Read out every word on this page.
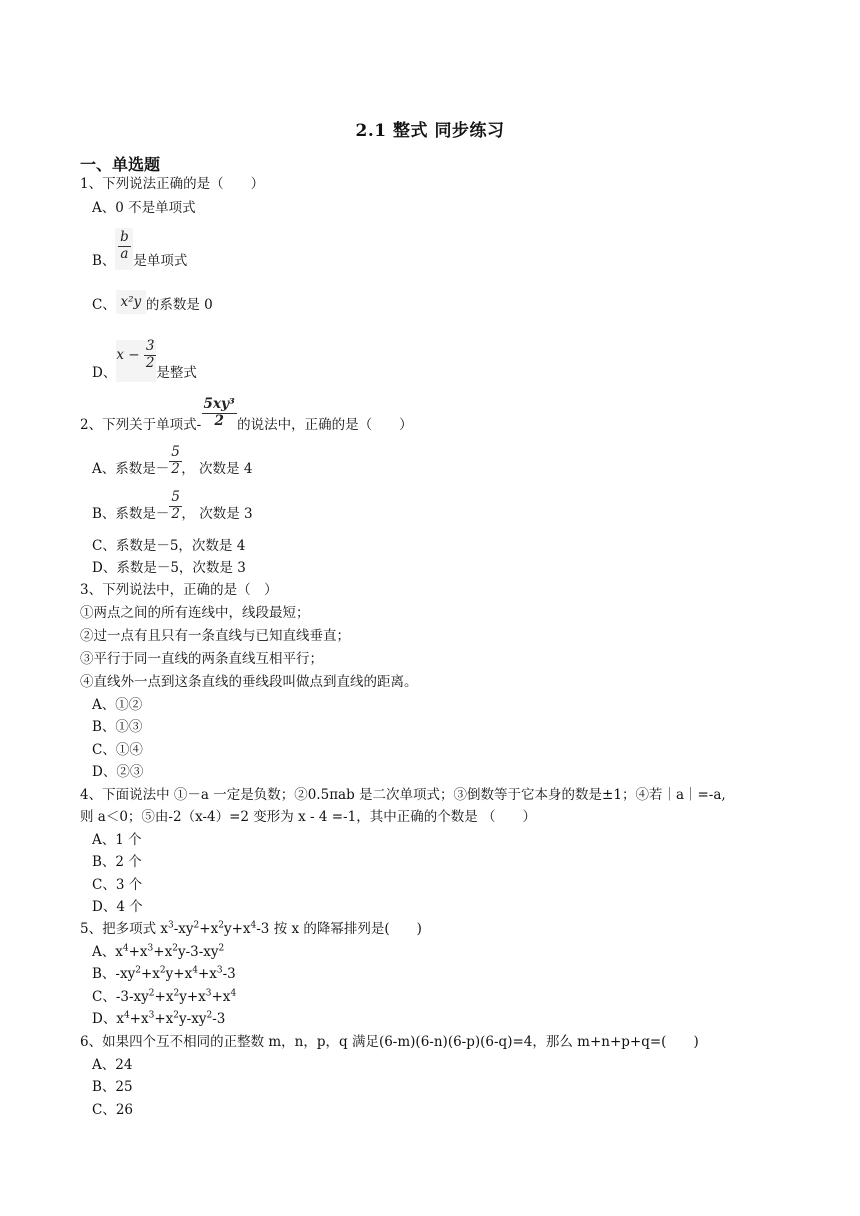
2.1 整式 同步练习
一、单选题
1、下列说法正确的是（　　）
A、0 不是单项式
B、 $\frac{b}{a}$ 是单项式
C、 x²y 的系数是 0
D、$x - \frac{3}{2}$
是整式
2、下列关于单项式- $\frac{\text{5xy³}}{2}$ 的说法中，正确的是（　　）
A、系数是－ $\frac{5}{2}$ ， 次数是 4
B、系数是－ $\frac{5}{2}$ ， 次数是 3
C、系数是－5，次数是 4
D、系数是－5，次数是 3
3、下列说法中，正确的是（　）
①两点之间的所有连线中，线段最短；
②过一点有且只有一条直线与已知直线垂直；
③平行于同一直线的两条直线互相平行；
④直线外一点到这条直线的垂线段叫做点到直线的距离。
A、①②
B、①③
C、①④
D、②③
4、下面说法中 ①－a 一定是负数；②0.5πab 是二次单项式；③倒数等于它本身的数是±1；④若｜a｜=-a,
则 a＜0；⑤由-2（x-4）=2 变形为 x - 4 =-1，其中正确的个数是 （　　）
A、1 个
B、2 个
C、3 个
D、4 个
5、把多项式 $x^3-xy^2+x^2y+x^4-3$ 按 x 的降幂排列是(　　)
A、$x^4+x^3+x^2y-3-xy^2$
B、$-xy^2+x^2y+x^4+x^3-3$
C、$-3-xy^2+x^2y+x^3+x^4$
D、$x^4+x^3+x^2y-xy^2-3$
6、如果四个互不相同的正整数 m，n，p，q 满足(6-m)(6-n)(6-p)(6-q)=4，那么 m+n+p+q=(　　)
A、24
B、25
C、26
